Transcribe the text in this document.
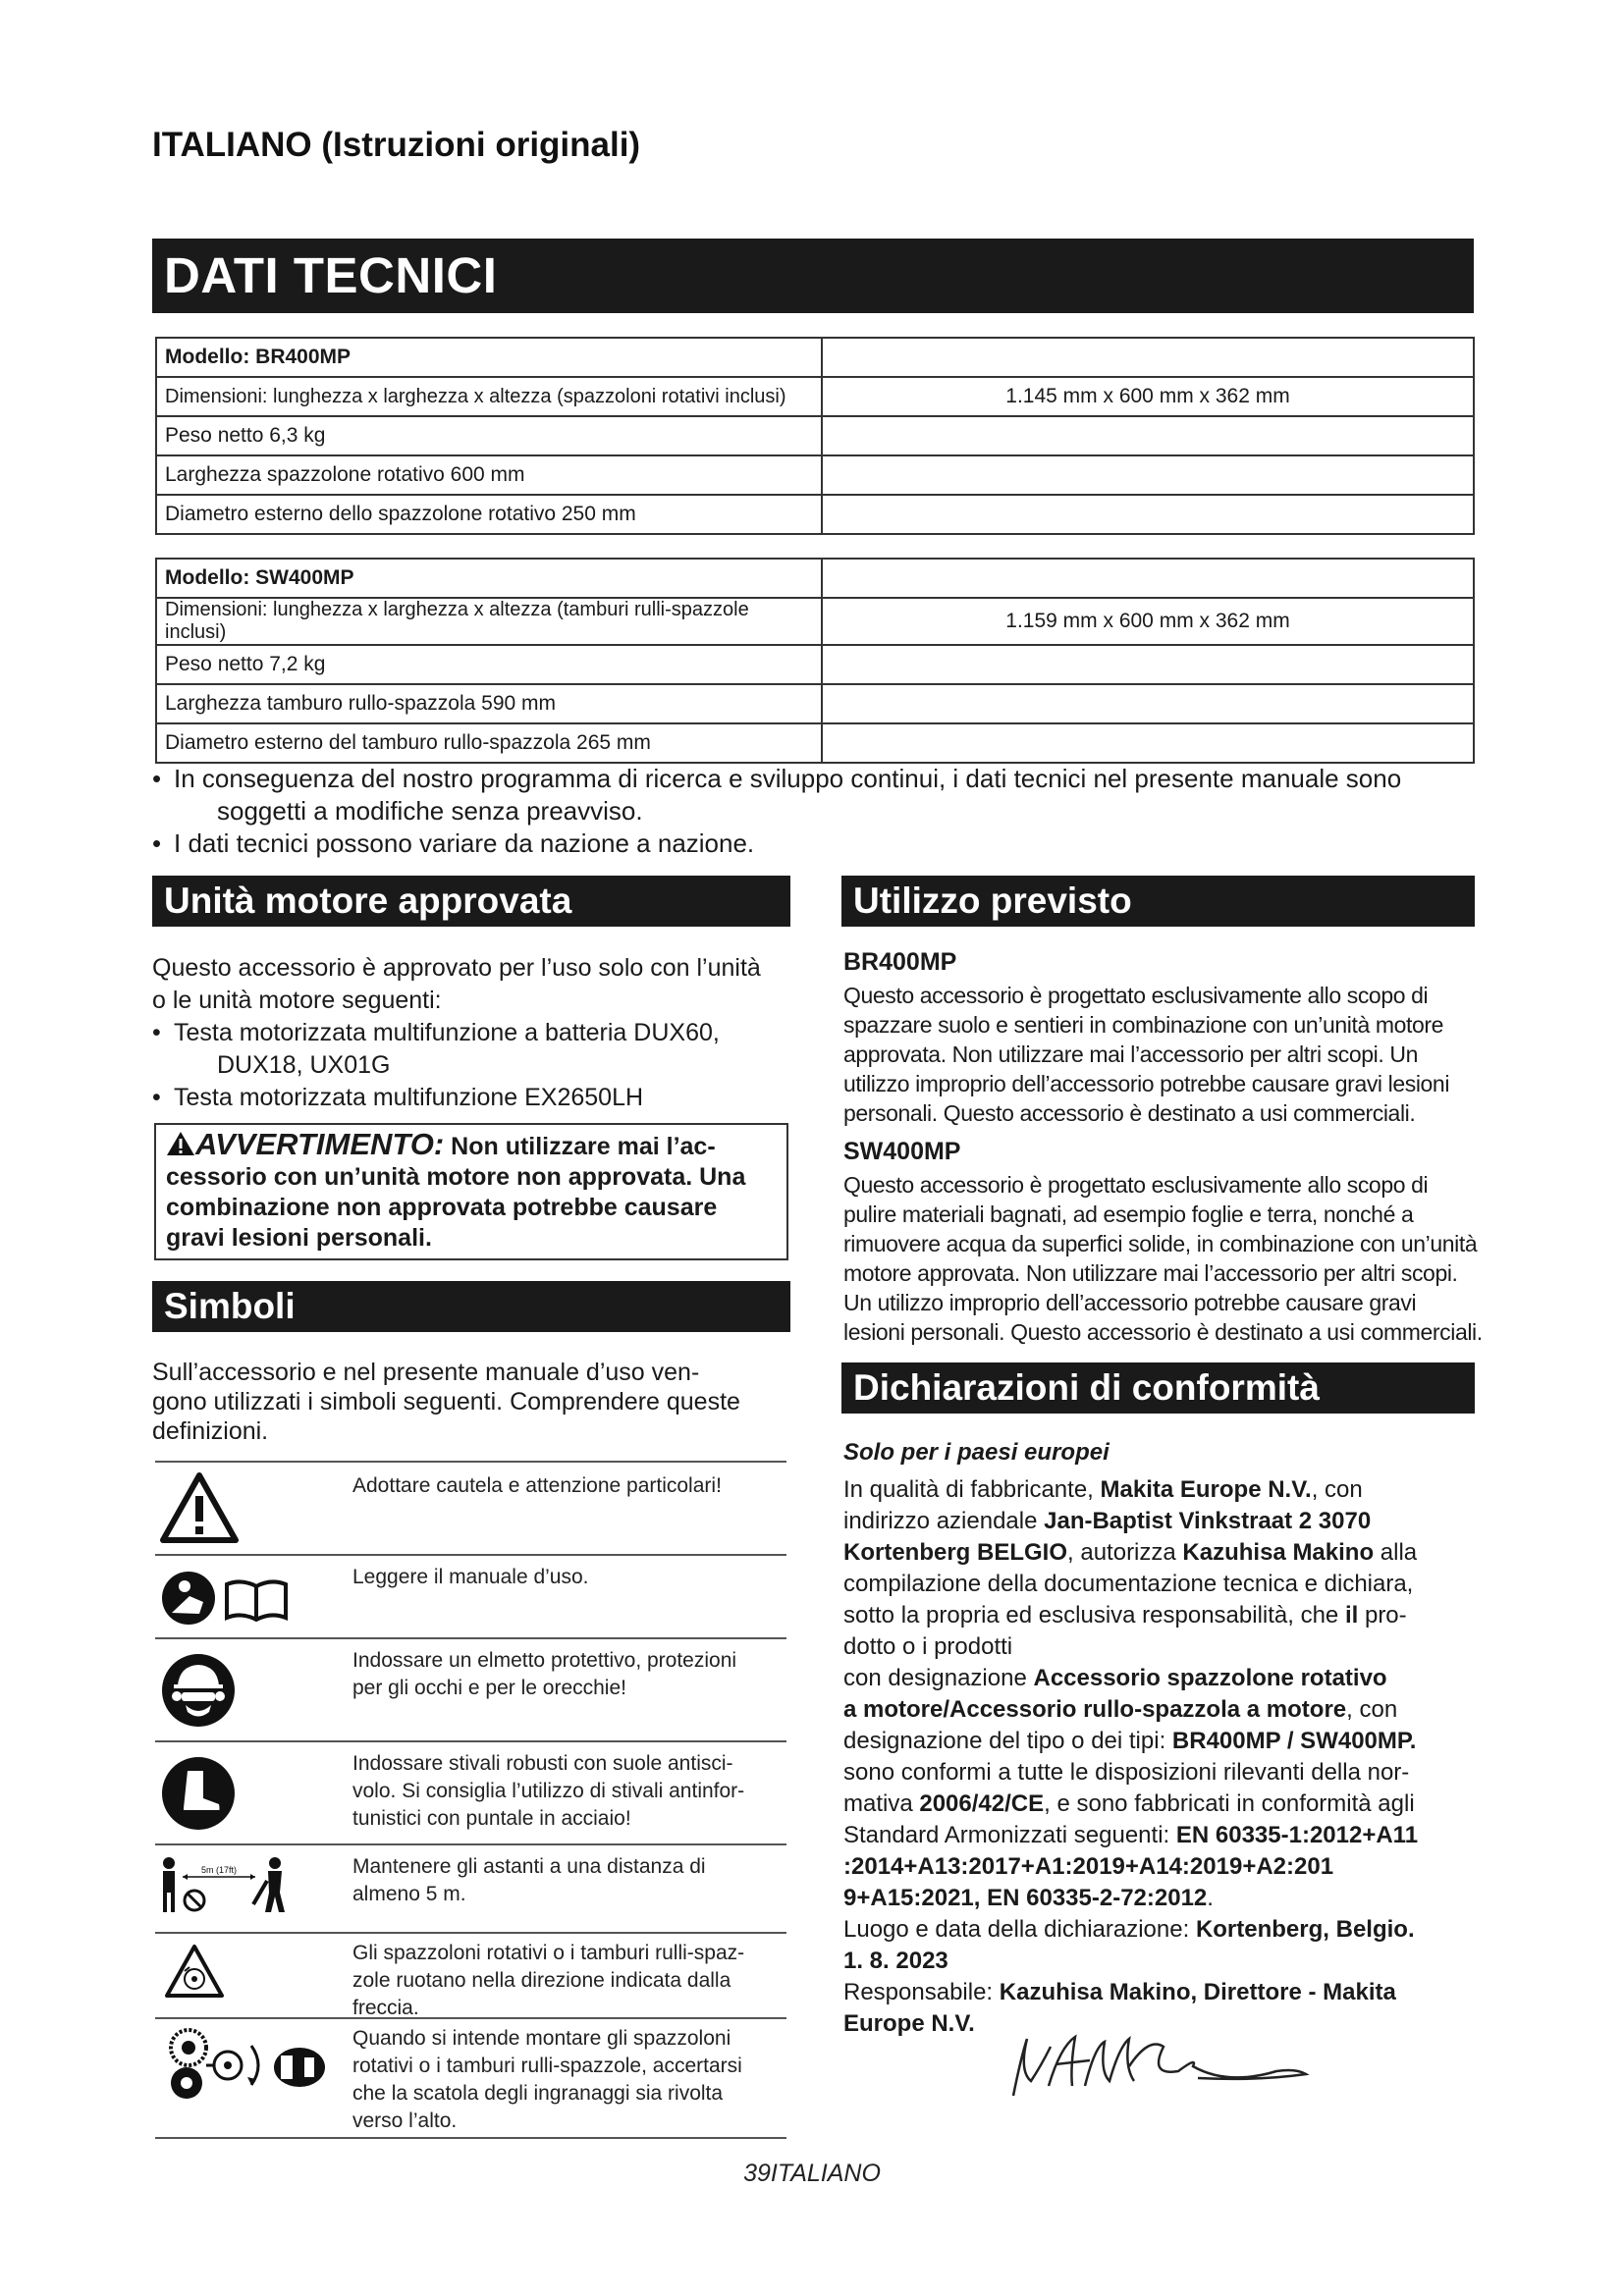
ITALIANO (Istruzioni originali)
DATI TECNICI
Modello: BR400MP	
Dimensioni: lunghezza x larghezza x altezza (spazzoloni rotativi inclusi)	1.145 mm x 600 mm x 362 mm
Peso netto 6,3 kg	
Larghezza spazzolone rotativo 600 mm	
Diametro esterno dello spazzolone rotativo 250 mm	
Modello: SW400MP	
Dimensioni: lunghezza x larghezza x altezza (tamburi rulli-spazzole inclusi)	1.159 mm x 600 mm x 362 mm
Peso netto 7,2 kg	
Larghezza tamburo rullo-spazzola 590 mm	
Diametro esterno del tamburo rullo-spazzola 265 mm	
• In conseguenza del nostro programma di ricerca e sviluppo continui, i dati tecnici nel presente manuale sono
soggetti a modifiche senza preavviso.
• I dati tecnici possono variare da nazione a nazione.
Unità motore approvata
Questo accessorio è approvato per l’uso solo con l’unità
o le unità motore seguenti:
• Testa motorizzata multifunzione a batteria DUX60,
DUX18, UX01G
• Testa motorizzata multifunzione EX2650LH
AVVERTIMENTO: Non utilizzare mai l’ac-
cessorio con un’unità motore non approvata. Una
combinazione non approvata potrebbe causare
gravi lesioni personali.
Simboli
Sull’accessorio e nel presente manuale d’uso ven-
gono utilizzati i simboli seguenti. Comprendere queste
definizioni.
5m (17ft)
Adottare cautela e attenzione particolari!
Leggere il manuale d’uso.
Indossare un elmetto protettivo, protezioni
per gli occhi e per le orecchie!
Indossare stivali robusti con suole antisci-
volo. Si consiglia l’utilizzo di stivali antinfor-
tunistici con puntale in acciaio!
Mantenere gli astanti a una distanza di
almeno 5 m.
Gli spazzoloni rotativi o i tamburi rulli-spaz-
zole ruotano nella direzione indicata dalla
freccia.
Quando si intende montare gli spazzoloni
rotativi o i tamburi rulli-spazzole, accertarsi
che la scatola degli ingranaggi sia rivolta
verso l’alto.
Utilizzo previsto
BR400MP
Questo accessorio è progettato esclusivamente allo scopo di
spazzare suolo e sentieri in combinazione con un’unità motore
approvata. Non utilizzare mai l’accessorio per altri scopi. Un
utilizzo improprio dell’accessorio potrebbe causare gravi lesioni
personali. Questo accessorio è destinato a usi commerciali.
SW400MP
Questo accessorio è progettato esclusivamente allo scopo di
pulire materiali bagnati, ad esempio foglie e terra, nonché a
rimuovere acqua da superfici solide, in combinazione con un’unità
motore approvata. Non utilizzare mai l’accessorio per altri scopi.
Un utilizzo improprio dell’accessorio potrebbe causare gravi
lesioni personali. Questo accessorio è destinato a usi commerciali.
Dichiarazioni di conformità
Solo per i paesi europei
In qualità di fabbricante, Makita Europe N.V., con
indirizzo aziendale Jan-Baptist Vinkstraat 2 3070
Kortenberg BELGIO, autorizza Kazuhisa Makino alla
compilazione della documentazione tecnica e dichiara,
sotto la propria ed esclusiva responsabilità, che il pro-
dotto o i prodotti
con designazione Accessorio spazzolone rotativo
a motore/Accessorio rullo-spazzola a motore, con
designazione del tipo o dei tipi: BR400MP / SW400MP.
sono conformi a tutte le disposizioni rilevanti della nor-
mativa 2006/42/CE, e sono fabbricati in conformità agli
Standard Armonizzati seguenti: EN 60335-1:2012+A11
:2014+A13:2017+A1:2019+A14:2019+A2:201
9+A15:2021, EN 60335-2-72:2012.
Luogo e data della dichiarazione: Kortenberg, Belgio.
1. 8. 2023
Responsabile: Kazuhisa Makino, Direttore - Makita
Europe N.V.
39ITALIANO
